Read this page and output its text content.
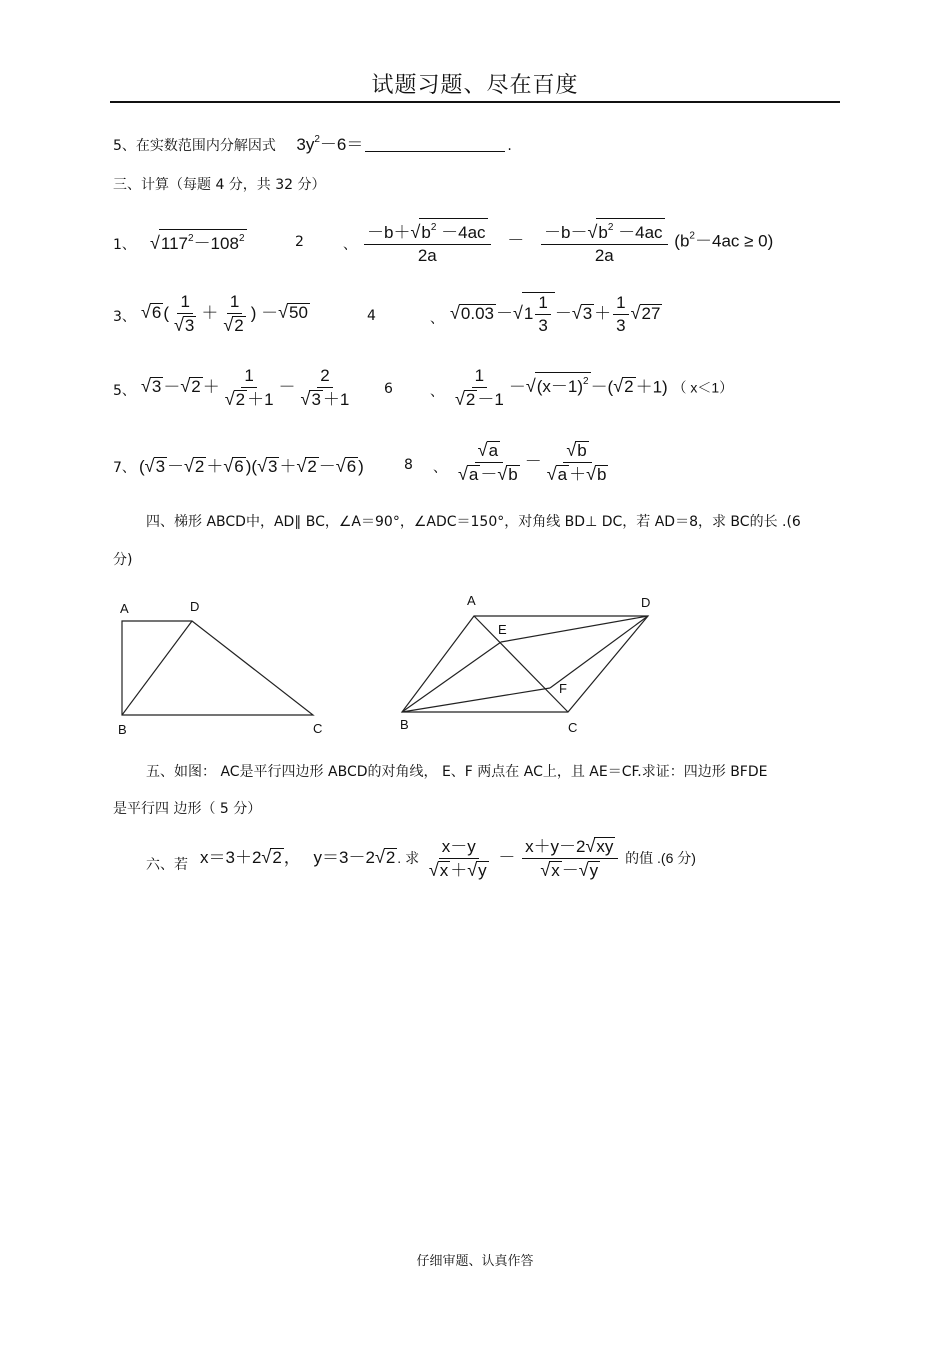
试题习题、尽在百度
5、在实数范围内分解因式 $3y^2-6=$	.
三、计算（每题 4 分，共 32 分）
1、 $√117^2-108^2$	2	、 $\frac{-b+√b^2 -4ac}{2a} - \frac{-b-√b^2 -4ac}{2a} (b^2-4ac \ge 0)$
3、 √6 ( $\frac{1}{√3} + \frac{1}{√2}$ ) －√50	4	、 $√0.03 -√1 \frac{1}{3} -√3 + \frac{1}{3} √27$
5、 $√3 -√2 + \frac{1}{√2 +1} - \frac{2}{√3 +1} 6$	、 $\frac{1}{√2 -1} -√(x-1)^2 -(√2 +1)$ （ x＜1）
7、 (√3 －√2 ＋√6 )(√3 ＋√2 －√6 )	8 、 $\frac{√a}{√a -√b} - \frac{√b}{√a +√b}$
四、梯形 ABCD中，AD∥ BC，∠A＝90°，∠ADC＝150°，对角线 BD⊥ DC，若 AD＝8，求 BC的长 .(6
分)
A	D
B	C
A	D
E
F
B	C
五、如图： AC是平行四边形 ABCD的对角线， E、F 两点在 AC上，且 AE＝CF.求证：四边形 BFDE
是平行四 边形（ 5 分）
六、若 x＝3＋2√2 ， y＝3－2√2 . 求 $\frac{x-y}{√x +√y} - \frac{x+y-2√xy}{√x -√y}$ 的值 .(6 分)
仔细审题、认真作答
